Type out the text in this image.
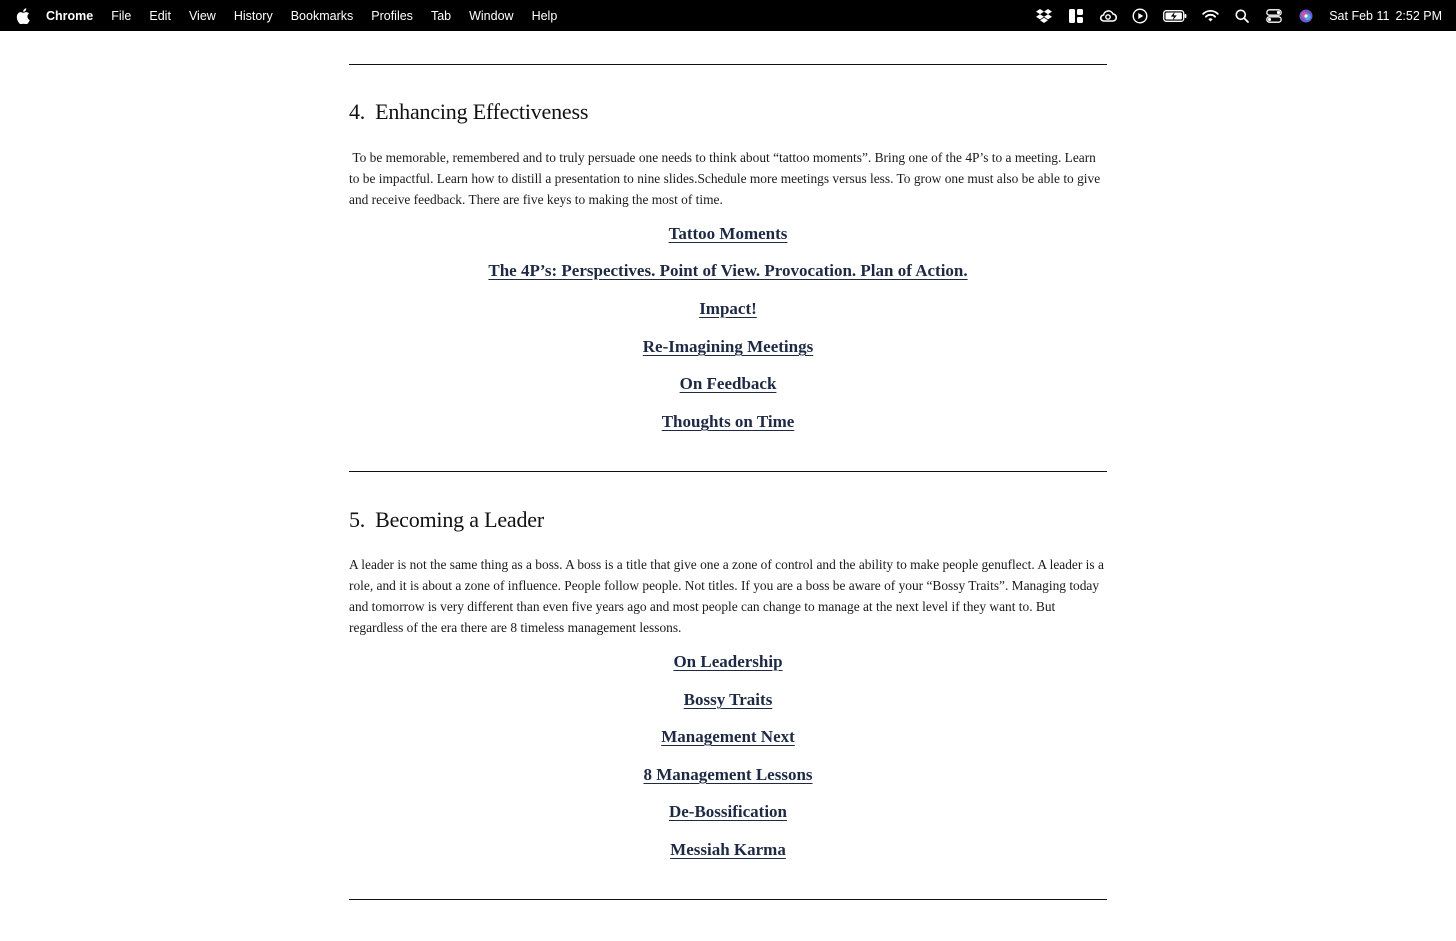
Chrome File Edit View History Bookmarks Profiles Tab Window Help	Sat Feb 11 2:52 PM
4. Enhancing Effectiveness

To be memorable, remembered and to truly persuade one needs to think about “tattoo moments”. Bring one of the 4P’s to a meeting. Learn to be impactful. Learn how to distill a presentation to nine slides.Schedule more meetings versus less. To grow one must also be able to give and receive feedback. There are five keys to making the most of time.

Tattoo Moments
The 4P’s: Perspectives. Point of View. Provocation. Plan of Action.
Impact!
Re-Imagining Meetings
On Feedback
Thoughts on Time
5. Becoming a Leader

A leader is not the same thing as a boss. A boss is a title that give one a zone of control and the ability to make people genuflect. A leader is a role, and it is about a zone of influence. People follow people. Not titles. If you are a boss be aware of your “Bossy Traits”. Managing today and tomorrow is very different than even five years ago and most people can change to manage at the next level if they want to. But regardless of the era there are 8 timeless management lessons.

On Leadership
Bossy Traits
Management Next
8 Management Lessons
De-Bossification
Messiah Karma
